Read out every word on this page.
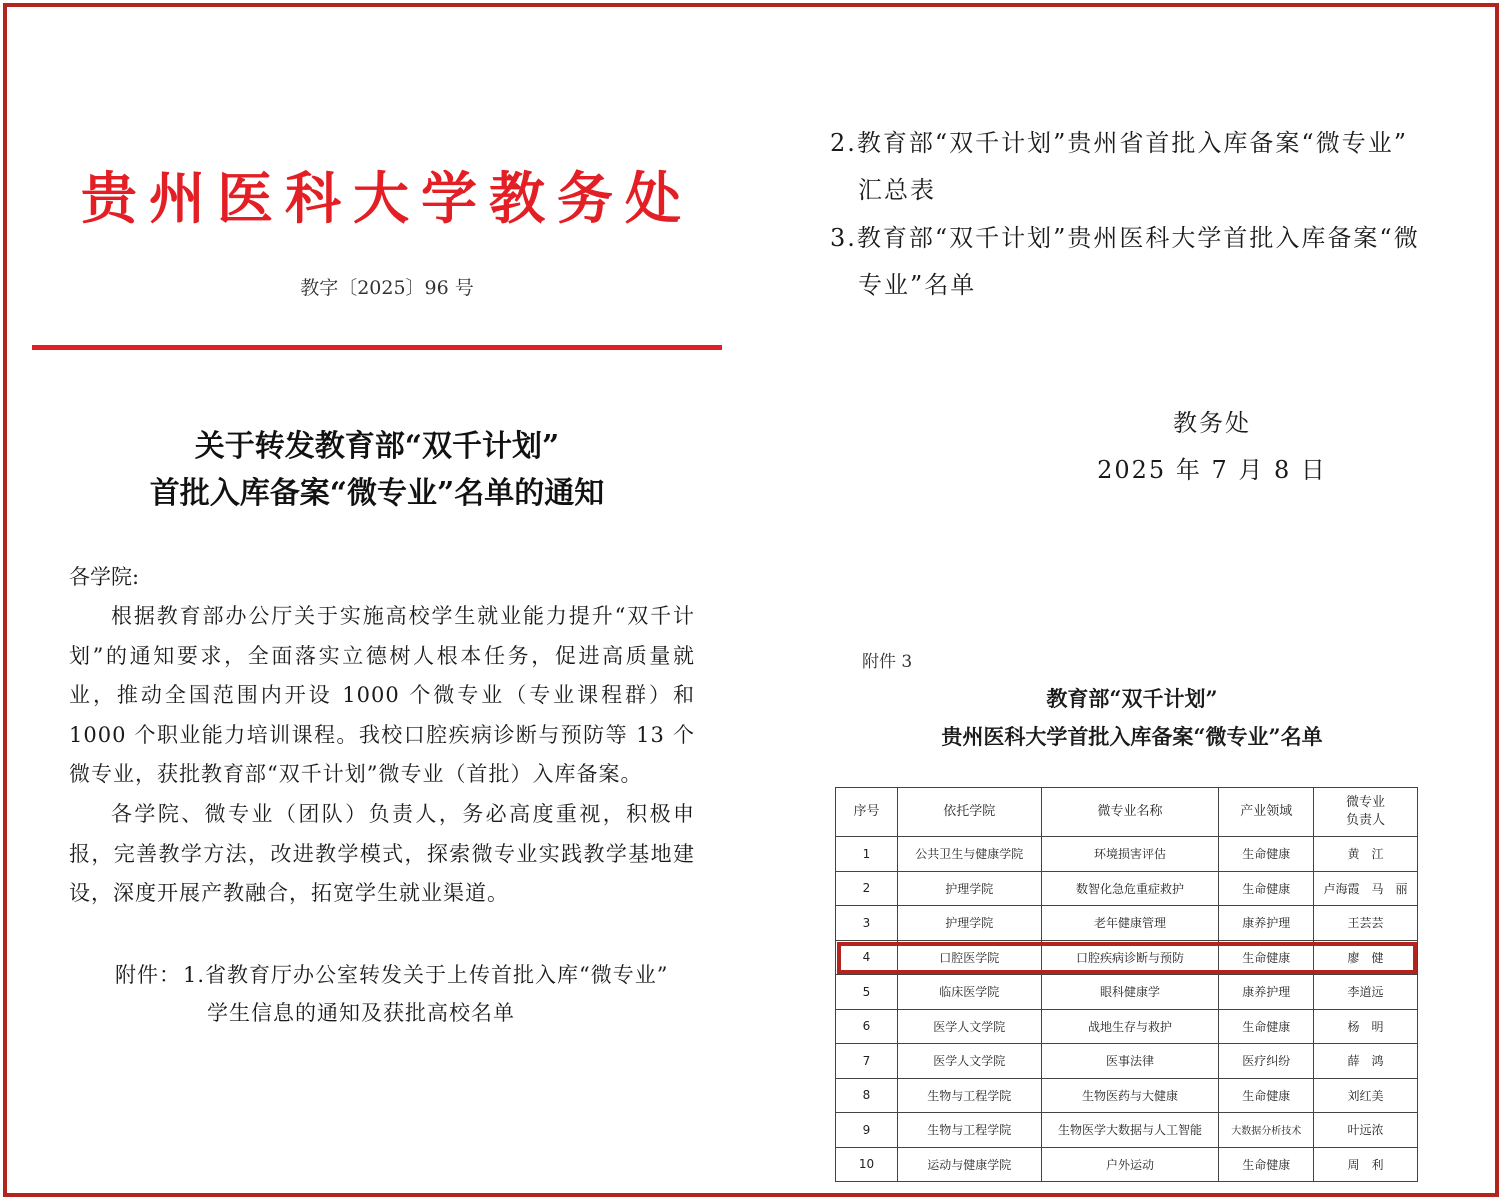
贵州医科大学教务处
教字〔2025〕96 号
关于转发教育部“双千计划”
首批入库备案“微专业”名单的通知
各学院:
根据教育部办公厅关于实施高校学生就业能力提升“双千计划”的通知要求，全面落实立德树人根本任务，促进高质量就业，推动全国范围内开设 1000 个微专业（专业课程群）和 1000 个职业能力培训课程。我校口腔疾病诊断与预防等 13 个微专业，获批教育部“双千计划”微专业（首批）入库备案。
各学院、微专业（团队）负责人，务必高度重视，积极申报，完善教学方法，改进教学模式，探索微专业实践教学基地建设，深度开展产教融合，拓宽学生就业渠道。
附件： 1.省教育厅办公室转发关于上传首批入库“微专业”
学生信息的通知及获批高校名单
2.教育部“双千计划”贵州省首批入库备案“微专业”
汇总表
3.教育部“双千计划”贵州医科大学首批入库备案“微
专业”名单
教务处
2025 年 7 月 8 日
附件 3
教育部“双千计划”
贵州医科大学首批入库备案“微专业”名单
序号	依托学院	微专业名称	产业领域	微专业
负责人
1	公共卫生与健康学院	环境损害评估	生命健康	黄　江
2	护理学院	数智化急危重症救护	生命健康	卢海霞　马　丽
3	护理学院	老年健康管理	康养护理	王芸芸
4	口腔医学院	口腔疾病诊断与预防	生命健康	廖　健
5	临床医学院	眼科健康学	康养护理	李道远
6	医学人文学院	战地生存与救护	生命健康	杨　明
7	医学人文学院	医事法律	医疗纠纷	薛　鸿
8	生物与工程学院	生物医药与大健康	生命健康	刘红美
9	生物与工程学院	生物医学大数据与人工智能	大数据分析技术	叶远浓
10	运动与健康学院	户外运动	生命健康	周　利
